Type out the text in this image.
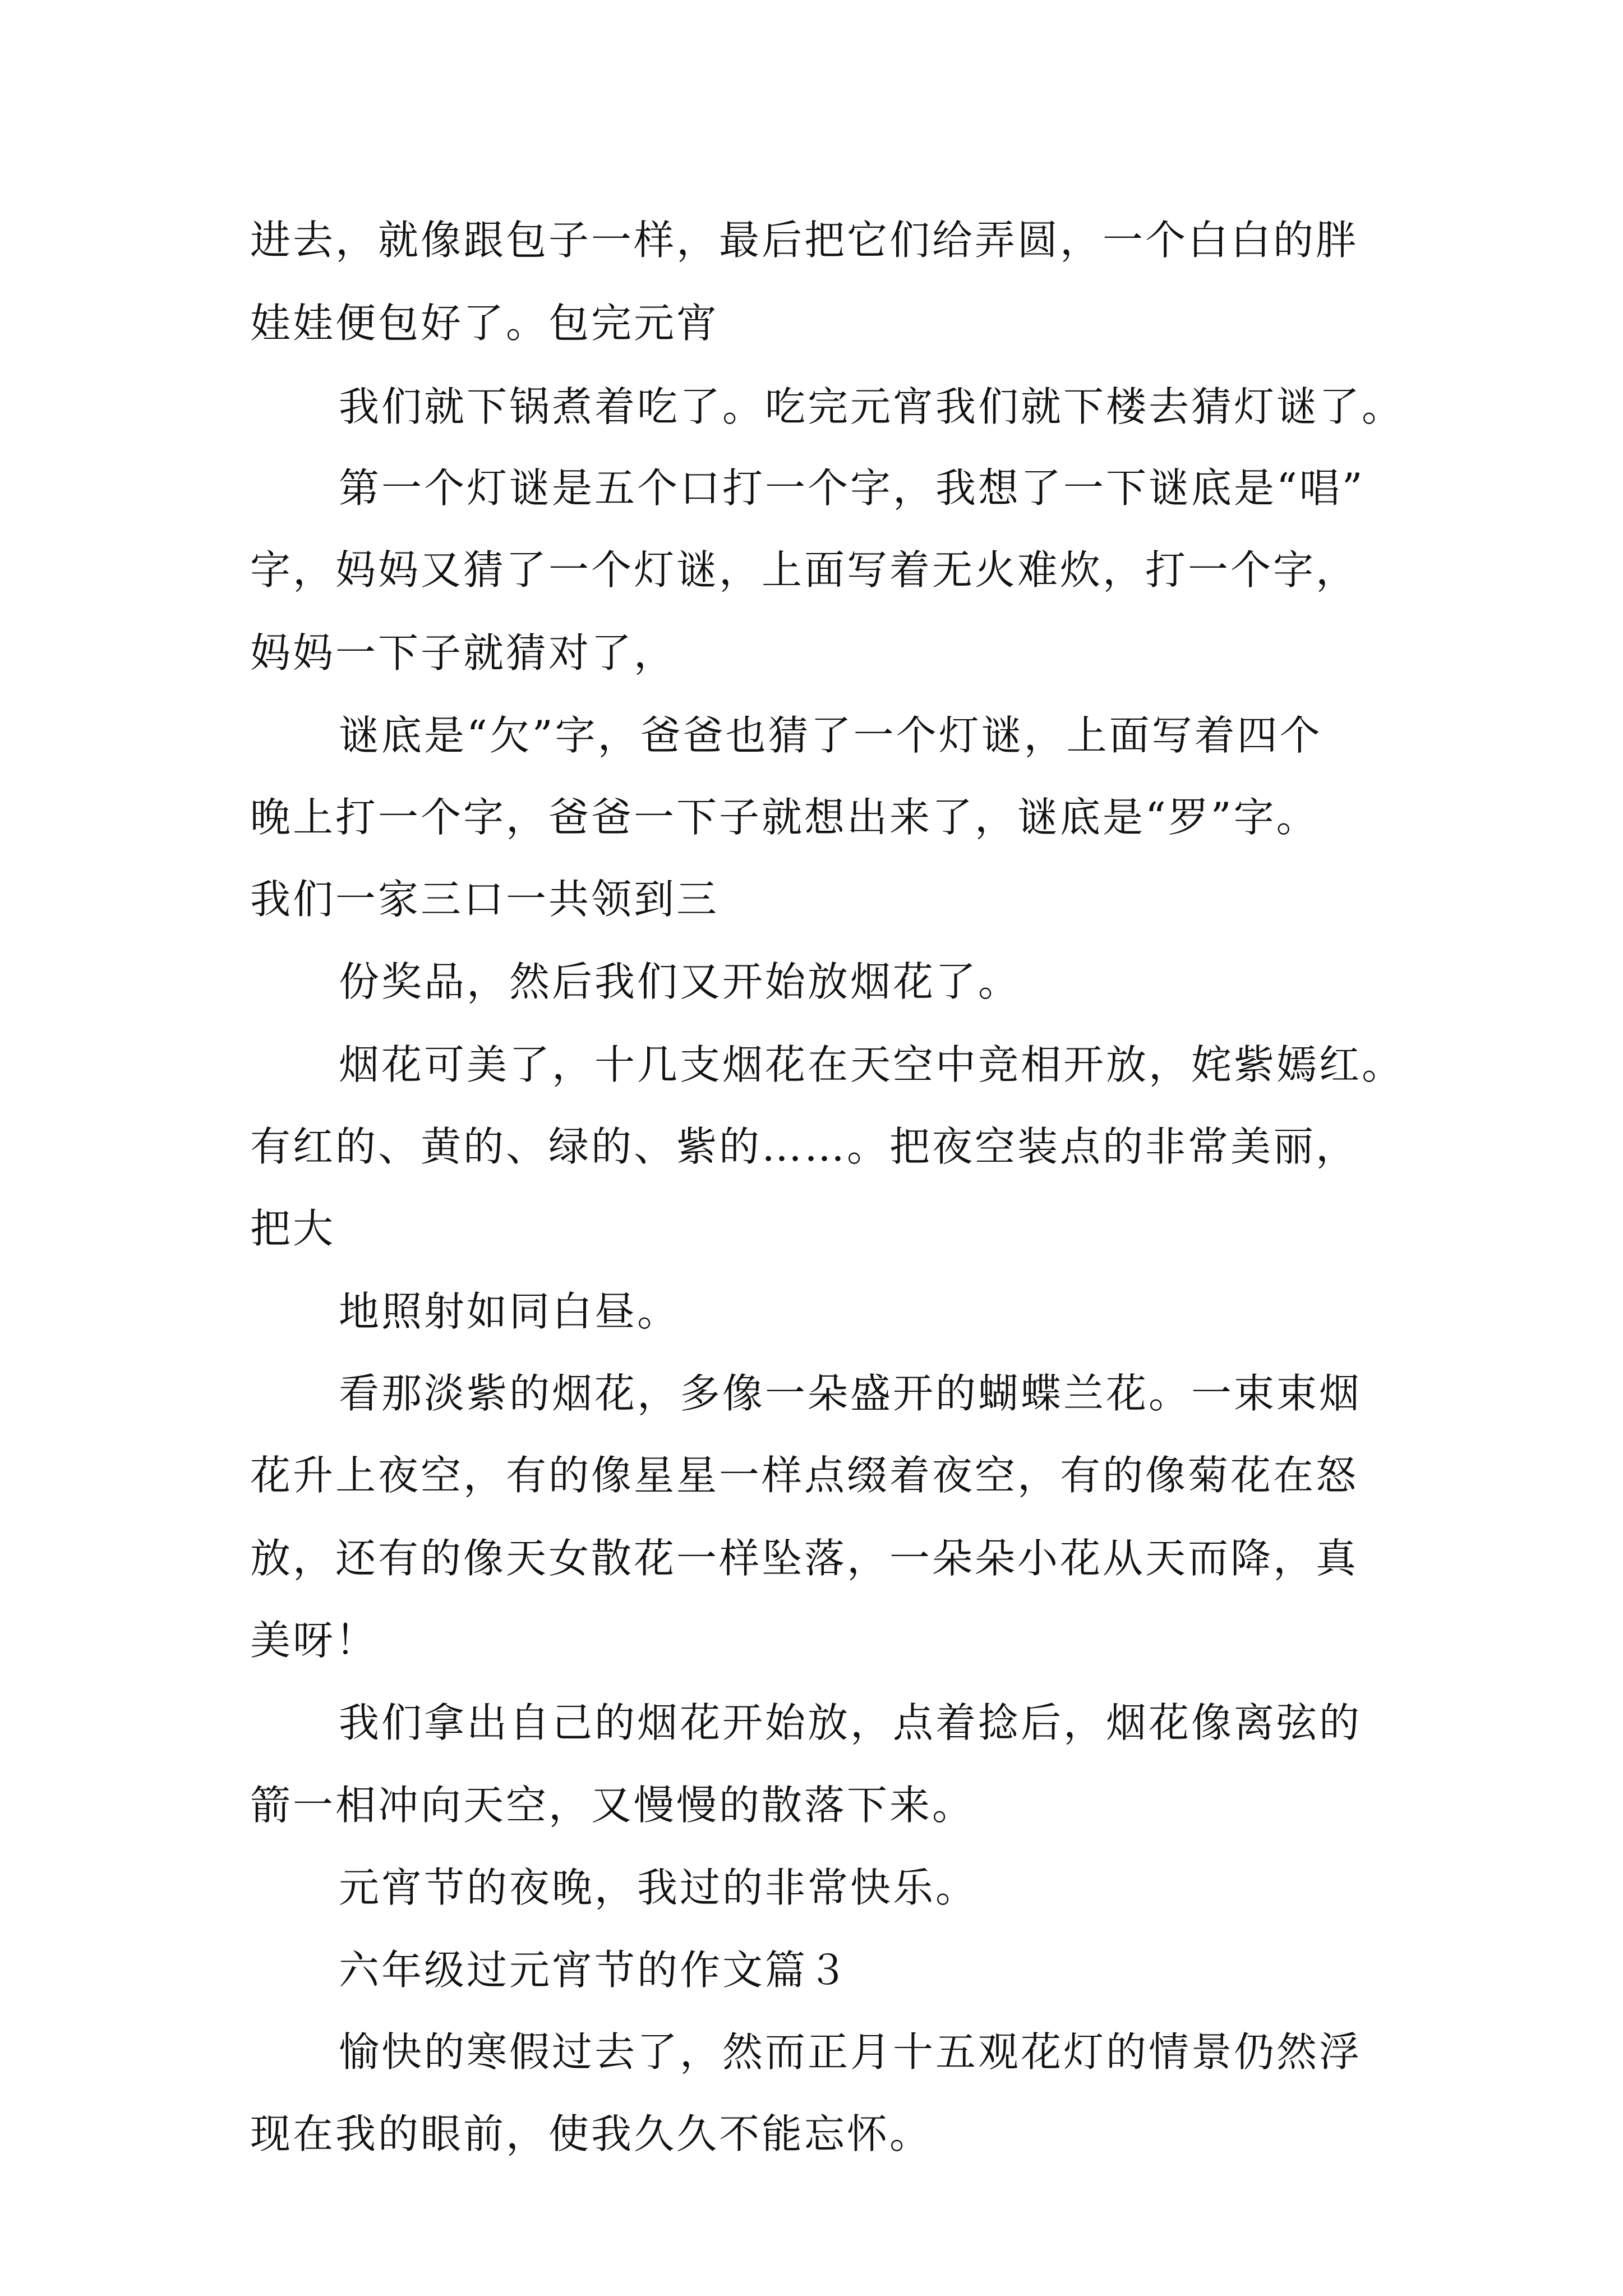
进去，就像跟包子一样，最后把它们给弄圆，一个白白的胖
娃娃便包好了。包完元宵
我们就下锅煮着吃了。吃完元宵我们就下楼去猜灯谜了。
第一个灯谜是五个口打一个字，我想了一下谜底是“唱”
字，妈妈又猜了一个灯谜，上面写着无火难炊，打一个字，
妈妈一下子就猜对了，
谜底是“欠”字，爸爸也猜了一个灯谜，上面写着四个
晚上打一个字，爸爸一下子就想出来了，谜底是“罗”字。
我们一家三口一共领到三
份奖品，然后我们又开始放烟花了。
烟花可美了，十几支烟花在天空中竞相开放，姹紫嫣红。
有红的、黄的、绿的、紫的……。把夜空装点的非常美丽，
把大
地照射如同白昼。
看那淡紫的烟花，多像一朵盛开的蝴蝶兰花。一束束烟
花升上夜空，有的像星星一样点缀着夜空，有的像菊花在怒
放，还有的像天女散花一样坠落，一朵朵小花从天而降，真
美呀！
我们拿出自己的烟花开始放，点着捻后，烟花像离弦的
箭一相冲向天空，又慢慢的散落下来。
元宵节的夜晚，我过的非常快乐。
六年级过元宵节的作文篇３
愉快的寒假过去了，然而正月十五观花灯的情景仍然浮
现在我的眼前，使我久久不能忘怀。
